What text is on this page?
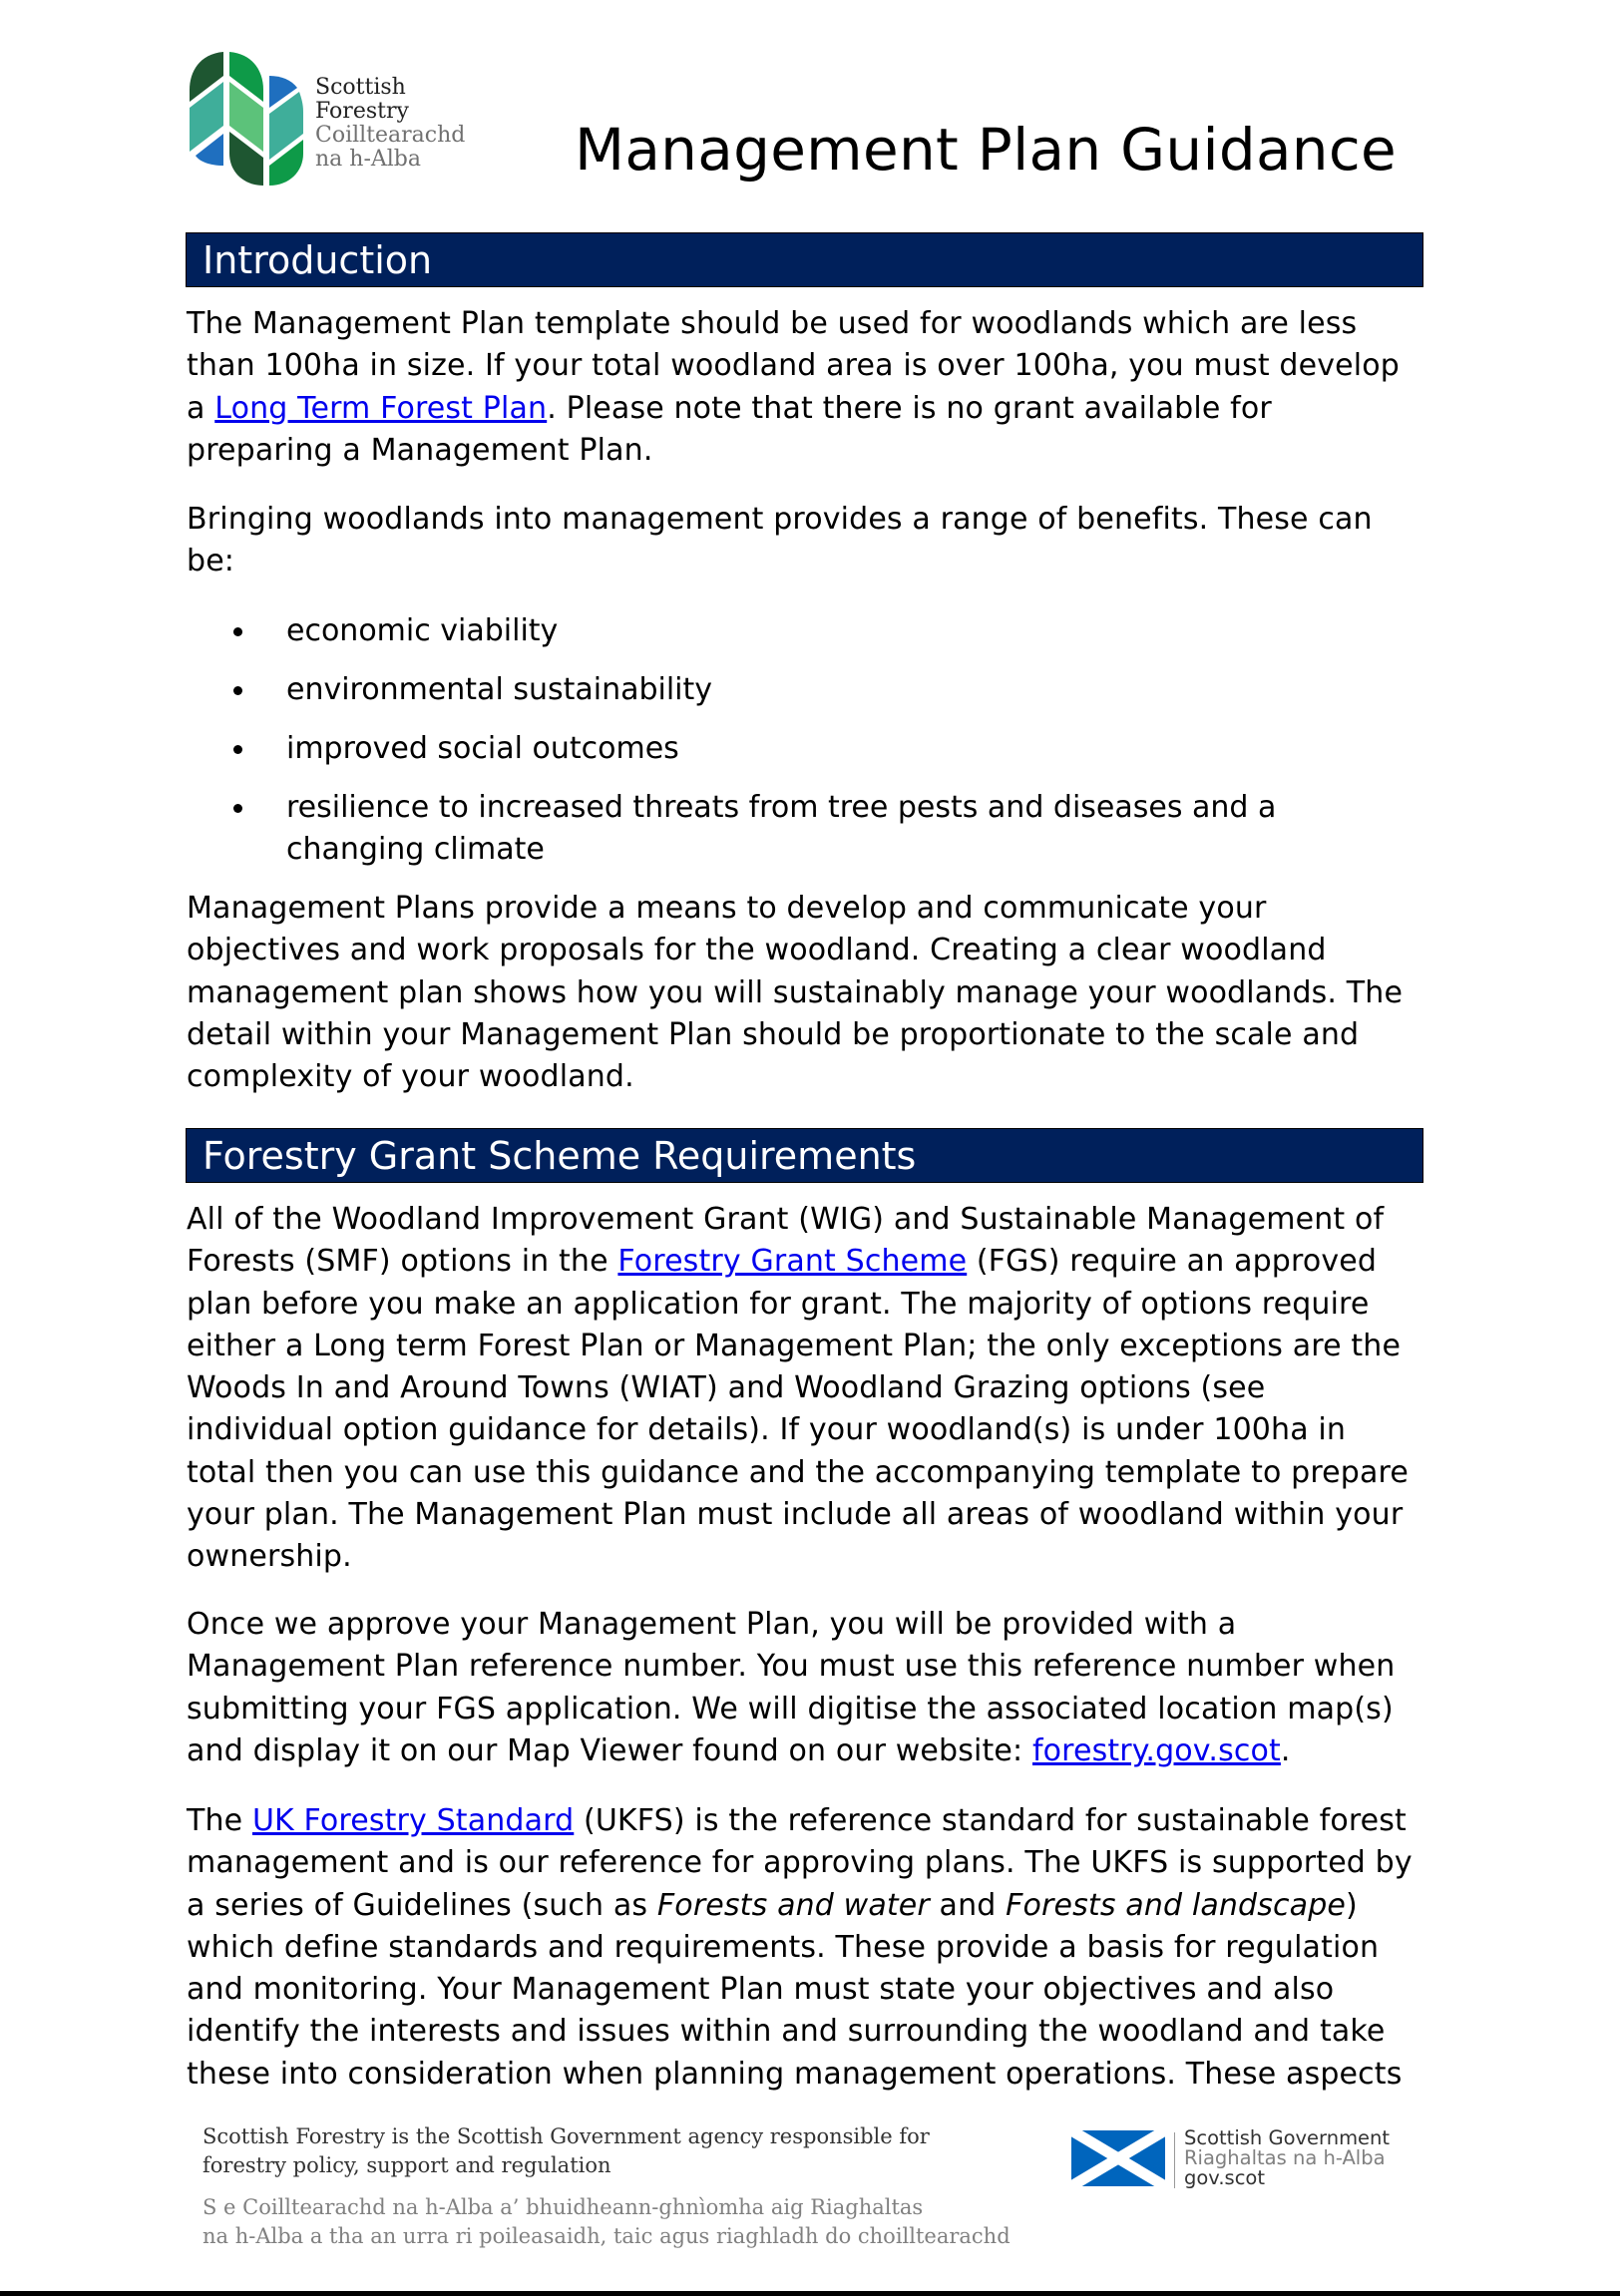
Scottish
Forestry
Coilltearachd
na h-Alba	Management Plan Guidance
Introduction
The Management Plan template should be used for woodlands which are less
than 100ha in size. If your total woodland area is over 100ha, you must develop
a Long Term Forest Plan. Please note that there is no grant available for
preparing a Management Plan.
Bringing woodlands into management provides a range of benefits. These can
be:
economic viability
environmental sustainability
improved social outcomes
resilience to increased threats from tree pests and diseases and a
changing climate
Management Plans provide a means to develop and communicate your
objectives and work proposals for the woodland. Creating a clear woodland
management plan shows how you will sustainably manage your woodlands. The
detail within your Management Plan should be proportionate to the scale and
complexity of your woodland.
Forestry Grant Scheme Requirements
All of the Woodland Improvement Grant (WIG) and Sustainable Management of
Forests (SMF) options in the Forestry Grant Scheme (FGS) require an approved
plan before you make an application for grant. The majority of options require
either a Long term Forest Plan or Management Plan; the only exceptions are the
Woods In and Around Towns (WIAT) and Woodland Grazing options (see
individual option guidance for details). If your woodland(s) is under 100ha in
total then you can use this guidance and the accompanying template to prepare
your plan. The Management Plan must include all areas of woodland within your
ownership.
Once we approve your Management Plan, you will be provided with a
Management Plan reference number. You must use this reference number when
submitting your FGS application. We will digitise the associated location map(s)
and display it on our Map Viewer found on our website: forestry.gov.scot.
The UK Forestry Standard (UKFS) is the reference standard for sustainable forest
management and is our reference for approving plans. The UKFS is supported by
a series of Guidelines (such as Forests and water and Forests and landscape)
which define standards and requirements. These provide a basis for regulation
and monitoring. Your Management Plan must state your objectives and also
identify the interests and issues within and surrounding the woodland and take
these into consideration when planning management operations. These aspects
Scottish Forestry is the Scottish Government agency responsible for
forestry policy, support and regulation
S e Coilltearachd na h-Alba a’ bhuidheann-ghnìomha aig Riaghaltas
na h-Alba a tha an urra ri poileasaidh, taic agus riaghladh do choilltearachd
Scottish Government
Riaghaltas na h-Alba
gov.scot
